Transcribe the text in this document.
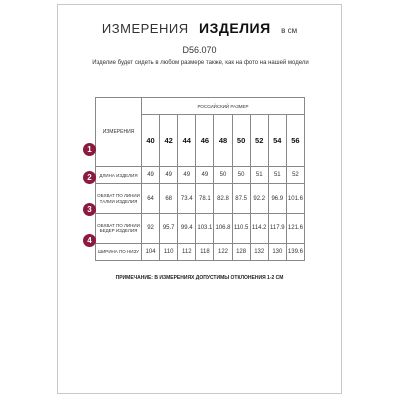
ИЗМЕРЕНИЯ ИЗДЕЛИЯ в см
D56.070
Изделие будет сидеть в любом размере также, как на фото на нашей модели
ИЗМЕРЕНИЯ	РОССИЙСКИЙ РАЗМЕР								
	40	42	44	46	48	50	52	54	56
ДЛИНА ИЗДЕЛИЯ	49	49	49	49	50	50	51	51	52
ОБХВАТ ПО ЛИНИИ ТАЛИИ ИЗДЕЛИЯ	64	68	73.4	78.1	82.8	87.5	92.2	96.9	101.6
ОБХВАТ ПО ЛИНИИ БЕДЕР ИЗДЕЛИЯ	92	95.7	99.4	103.1	106.8	110.5	114.2	117.9	121.6
ШИРИНА ПО НИЗУ	104	110	112	118	122	128	132	130	139.6
1
2
3
4
ПРИМЕЧАНИЕ: В ИЗМЕРЕНИЯХ ДОПУСТИМЫ ОТКЛОНЕНИЯ 1-2 СМ
